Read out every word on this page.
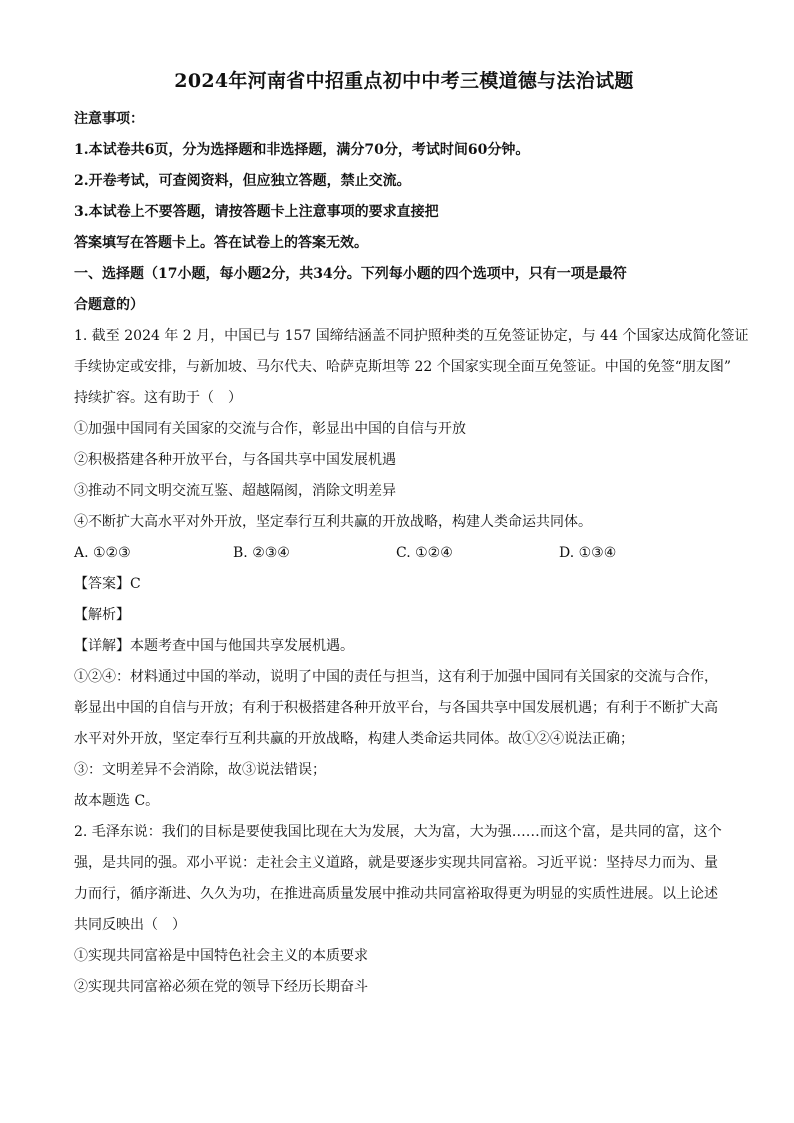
2024年河南省中招重点初中中考三模道德与法治试题

注意事项：

1.本试卷共6页，分为选择题和非选择题，满分70分，考试时间60分钟。

2.开卷考试，可查阅资料，但应独立答题，禁止交流。

3.本试卷上不要答题，请按答题卡上注意事项的要求直接把

答案填写在答题卡上。答在试卷上的答案无效。

一、选择题（17小题，每小题2分，共34分。下列每小题的四个选项中，只有一项是最符

合题意的）

1. 截至 2024 年 2 月，中国已与 157 国缔结涵盖不同护照种类的互免签证协定，与 44 个国家达成简化签证

手续协定或安排，与新加坡、马尔代夫、哈萨克斯坦等 22 个国家实现全面互免签证。中国的免签“朋友图”

持续扩容。这有助于（　）

①加强中国同有关国家的交流与合作，彰显出中国的自信与开放

②积极搭建各种开放平台，与各国共享中国发展机遇

③推动不同文明交流互鉴、超越隔阂，消除文明差异

④不断扩大高水平对外开放，坚定奉行互利共赢的开放战略，构建人类命运共同体。

A. ①②③	B. ②③④	C. ①②④	D. ①③④

【答案】C

【解析】

【详解】本题考查中国与他国共享发展机遇。

①②④：材料通过中国的举动，说明了中国的责任与担当，这有利于加强中国同有关国家的交流与合作，

彰显出中国的自信与开放；有利于积极搭建各种开放平台，与各国共享中国发展机遇；有利于不断扩大高

水平对外开放，坚定奉行互利共赢的开放战略，构建人类命运共同体。故①②④说法正确；

③：文明差异不会消除，故③说法错误；

故本题选 C。

2. 毛泽东说：我们的目标是要使我国比现在大为发展，大为富，大为强……而这个富，是共同的富，这个

强，是共同的强。邓小平说：走社会主义道路，就是要逐步实现共同富裕。习近平说：坚持尽力而为、量

力而行，循序渐进、久久为功，在推进高质量发展中推动共同富裕取得更为明显的实质性进展。以上论述

共同反映出（　）

①实现共同富裕是中国特色社会主义的本质要求

②实现共同富裕必须在党的领导下经历长期奋斗
